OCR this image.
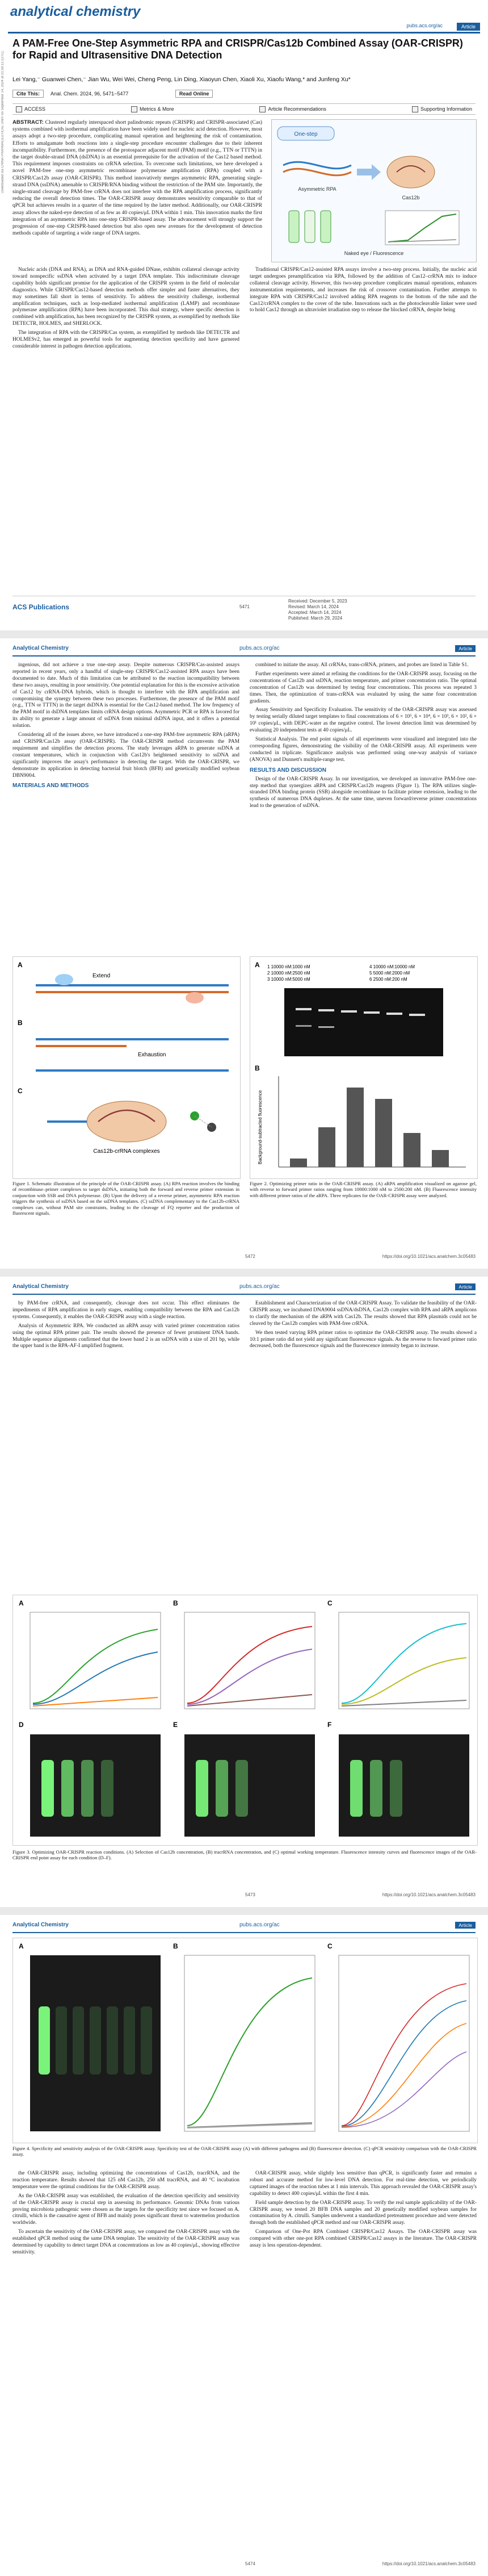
Downloaded via CHINA PHARMACEUTICAL UNIV on September 14, 2024 at 01:59:12 (UTC).
analytical chemistry
pubs.acs.org/ac	Article
A PAM-Free One-Step Asymmetric RPA and CRISPR/Cas12b Combined Assay (OAR-CRISPR) for Rapid and Ultrasensitive DNA Detection
Lei Yang,⁻ Guanwei Chen,⁻ Jian Wu, Wei Wei, Cheng Peng, Lin Ding, Xiaoyun Chen, Xiaoli Xu, Xiaofu Wang,* and Junfeng Xu*
Cite This: Anal. Chem. 2024, 96, 5471−5477	Read Online
ACCESS	Metrics & More	Article Recommendations	Supporting Information
ABSTRACT: Clustered regularly interspaced short palindromic repeats (CRISPR) and CRISPR-associated (Cas) systems combined with isothermal amplification have been widely used for nucleic acid detection. However, most assays adopt a two-step procedure, complicating manual operation and heightening the risk of contamination. Efforts to amalgamate both reactions into a single-step procedure encounter challenges due to their inherent incompatibility. Furthermore, the presence of the protospacer adjacent motif (PAM) motif (e.g., TTN or TTTN) in the target double-strand DNA (dsDNA) is an essential prerequisite for the activation of the Cas12 based method. This requirement imposes constraints on crRNA selection. To overcome such limitations, we here developed a novel PAM-free one-step asymmetric recombinase polymerase amplification (RPA) coupled with a CRISPR/Cas12b assay (OAR-CRISPR). This method innovatively merges asymmetric RPA, generating single-strand DNA (ssDNA) amenable to CRISPR/RNA binding without the restriction of the PAM site. Importantly, the single-strand cleavage by PAM-free crRNA does not interfere with the RPA amplification process, significantly reducing the overall detection times. The OAR-CRISPR assay demonstrates sensitivity comparable to that of qPCR but achieves results in a quarter of the time required by the latter method. Additionally, our OAR-CRISPR assay allows the naked-eye detection of as few as 40 copies/μL DNA within 1 min. This innovation marks the first integration of an asymmetric RPA into one-step CRISPR-based assay. The advancement will strongly support the progression of one-step CRISPR-based detection but also open new avenues for the development of detection methods capable of targeting a wide range of DNA targets.
One-step
Asymmetric RPA
Cas12b
Naked eye / Fluorescence

Nucleic acids (DNA and RNA), as DNA and RNA-guided DNase, exhibits collateral cleavage activity toward nonspecific ssDNA when activated by a target DNA template. This indiscriminate cleavage capability holds significant promise for the application of the CRISPR system in the field of molecular diagnostics. While CRISPR/Cas12-based detection methods offer simpler and faster alternatives, they may sometimes fall short in terms of sensitivity. To address the sensitivity challenge, isothermal amplification techniques, such as loop-mediated isothermal amplification (LAMP) and recombinase polymerase amplification (RPA) have been incorporated. This dual strategy, where specific detection is combined with amplification, has been recognized by the CRISPR system, as exemplified by methods like DETECTR, HOLMES, and SHERLOCK.

The integration of RPA with the CRISPR/Cas system, as exemplified by methods like DETECTR and HOLMESv2, has emerged as powerful tools for augmenting detection specificity and have garnered considerable interest in pathogen detection applications.

Traditional CRISPR/Cas12-assisted RPA assays involve a two-step process. Initially, the nucleic acid target undergoes preamplification via RPA, followed by the addition of Cas12–crRNA mix to induce collateral cleavage activity. However, this two-step procedure complicates manual operations, enhances instrumentation requirements, and increases the risk of crossover contamination. Further attempts to integrate RPA with CRISPR/Cas12 involved adding RPA reagents to the bottom of the tube and the Cas12/crRNA complex to the cover of the tube. Innovations such as the photocleavable linker were used to hold Cas12 through an ultraviolet irradiation step to release the blocked crRNA, despite being

ACS Publications	5471
Received: December 5, 2023
Revised: March 14, 2024
Accepted: March 14, 2024
Published: March 29, 2024
Analytical Chemistry	pubs.acs.org/ac	Article

ingenious, did not achieve a true one-step assay. Despite numerous CRISPR/Cas-assisted assays reported in recent years, only a handful of single-step CRISPR/Cas12-assisted RPA assays have been documented to date. Much of this limitation can be attributed to the reaction incompatibility between these two assays, resulting in poor sensitivity. One potential explanation for this is the excessive activation of Cas12 by crRNA-DNA hybrids, which is thought to interfere with the RPA amplification and compromising the synergy between these two processes. Furthermore, the presence of the PAM motif (e.g., TTN or TTTN) in the target dsDNA is essential for the Cas12-based method. The low frequency of the PAM motif in dsDNA templates limits crRNA design options. Asymmetric PCR or RPA is favored for its ability to generate a large amount of ssDNA from minimal dsDNA input, and it offers a potential solution.

Considering all of the issues above, we have introduced a one-step PAM-free asymmetric RPA (aRPA) and CRISPR/Cas12b assay (OAR-CRISPR). The OAR-CRISPR method circumvents the PAM requirement and simplifies the detection process. The study leverages aRPA to generate ssDNA at constant temperatures, which in conjunction with Cas12b's heightened sensitivity to ssDNA and significantly improves the assay's performance in detecting the target. With the OAR-CRISPR, we demonstrate its application in detecting bacterial fruit blotch (BFB) and genetically modified soybean DBN9004.

MATERIALS AND METHODS

combined to initiate the assay. All crRNAs, trans-crRNA, primers, and probes are listed in Table S1.

Further experiments were aimed at refining the conditions for the OAR-CRISPR assay, focusing on the concentrations of Cas12b and ssDNA, reaction temperature, and primer concentration ratio. The optimal concentration of Cas12b was determined by testing four concentrations. This process was repeated 3 times. Then, the optimization of trans-crRNA was evaluated by using the same four concentration gradients.

Assay Sensitivity and Specificity Evaluation. The sensitivity of the OAR-CRISPR assay was assessed by testing serially diluted target templates to final concentrations of 6 × 10⁵, 6 × 10⁴, 6 × 10³, 6 × 10², 6 × 10¹ copies/μL, with DEPC-water as the negative control. The lowest detection limit was determined by evaluating 20 independent tests at 40 copies/μL.

Statistical Analysis. The end point signals of all experiments were visualized and integrated into the corresponding figures, demonstrating the visibility of the OAR-CRISPR assay. All experiments were conducted in triplicate. Significance analysis was performed using one-way analysis of variance (ANOVA) and Dunnett's multiple-range test.

RESULTS AND DISCUSSION

Design of the OAR-CRISPR Assay. In our investigation, we developed an innovative PAM-free one-step method that synergizes aRPA and CRISPR/Cas12b reagents (Figure 1). The RPA utilizes single-stranded DNA binding protein (SSB) alongside recombinase to facilitate primer extension, leading to the synthesis of numerous DNA duplexes. At the same time, uneven forward/reverse primer concentrations lead to the generation of ssDNA.

A
Extend
B
Exhaustion
C
Cas12b-crRNA complexes
Figure 1. Schematic illustration of the principle of the OAR-CRISPR assay. (A) RPA reaction involves the binding of recombinase–primer complexes to target dsDNA, initiating both the forward and reverse primer extension in conjunction with SSB and DNA polymerase. (B) Upon the delivery of a reverse primer, asymmetric RPA reaction triggers the synthesis of ssDNA based on the ssDNA templates. (C) ssDNA complementary to the Cas12b-crRNA complexes can, without PAM site constraints, leading to the cleavage of FQ reporter and the production of fluorescent signals.
A 1 10000 nM:1000 nM
2 10000 nM:2500 nM
3 10000 nM:5000 nM
4 10000 nM:10000 nM
5 5000 nM:2000 nM
6 2500 nM:200 nM
B
Background-subtracted fluorescence
Figure 2. Optimizing primer ratio in the OAR-CRISPR assay. (A) aRPA amplification visualized on agarose gel, with reverse to forward primer ratios ranging from 10000:1000 nM to 2500:200 nM. (B) Fluorescence intensity with different primer ratios of the aRPA. Three replicates for the OAR-CRISPR assay were analyzed.
5472	https://doi.org/10.1021/acs.analchem.3c05483
Analytical Chemistry	pubs.acs.org/ac	Article

by PAM-free crRNA, and consequently, cleavage does not occur. This effect eliminates the impediments of RPA amplification in early stages, enabling compatibility between the RPA and Cas12b systems. Consequently, it enables the OAR-CRISPR assay with a single reaction.

Analysis of Asymmetric RPA. We conducted an aRPA assay with varied primer concentration ratios using the optimal RPA primer pair. The results showed the presence of fewer prominent DNA bands. Multiple sequence alignments confirmed that the lower band 2 is an ssDNA with a size of 201 bp, while the upper band is the RPA-AF-I amplified fragment.

Establishment and Characterization of the OAR-CRISPR Assay. To validate the feasibility of the OAR-CRISPR assay, we incubated DNA9004 ssDNA/dsDNA, Cas12b complex with RPA and aRPA amplicons to clarify the mechanism of the aRPA with Cas12b. The results showed that RPA plasmids could not be cleaved by the Cas12b complex with PAM-free crRNA.

We then tested varying RPA primer ratios to optimize the OAR-CRISPR assay. The results showed a 10:1 primer ratio did not yield any significant fluorescence signals. As the reverse to forward primer ratio decreased, both the fluorescence signals and the fluorescence intensity began to increase.

A	B	C
D	E	F
Figure 3. Optimizing OAR-CRISPR reaction conditions. (A) Selection of Cas12b concentration, (B) tracrRNA concentration, and (C) optimal working temperature. Fluorescence intensity curves and fluorescence images of the OAR-CRISPR end point assay for each condition (D–F).
5473	https://doi.org/10.1021/acs.analchem.3c05483
Analytical Chemistry	pubs.acs.org/ac	Article
A	B	C
Figure 4. Specificity and sensitivity analysis of the OAR-CRISPR assay. Specificity test of the OAR-CRISPR assay (A) with different pathogens and (B) fluorescence detection. (C) qPCR sensitivity comparison with the OAR-CRISPR assay.

the OAR-CRISPR assay, including optimizing the concentrations of Cas12b, tracrRNA, and the reaction temperature. Results showed that 125 nM Cas12b, 250 nM tracrRNA, and 40 °C incubation temperature were the optimal conditions for the OAR-CRISPR assay.

As the OAR-CRISPR assay was established, the evaluation of the detection specificity and sensitivity of the OAR-CRISPR assay is crucial step in assessing its performance. Genomic DNAs from various proving microbiota pathogenic were chosen as the targets for the specificity test since we focused on A. citrulli, which is the causative agent of BFB and mainly poses significant threat to watermelon production worldwide.

To ascertain the sensitivity of the OAR-CRISPR assay, we compared the OAR-CRISPR assay with the established qPCR method using the same DNA template. The sensitivity of the OAR-CRISPR assay was determined by capability to detect target DNA at concentrations as low as 40 copies/μL, showing effective sensitivity.

OAR-CRISPR assay, while slightly less sensitive than qPCR, is significantly faster and remains a robust and accurate method for low-level DNA detection. For real-time detection, we periodically captured images of the reaction tubes at 1 min intervals. This approach revealed the OAR-CRISPR assay's capability to detect 400 copies/μL within the first 4 min.

Field sample detection by the OAR-CRISPR assay. To verify the real sample applicability of the OAR-CRISPR assay, we tested 20 BFB DNA samples and 20 genetically modified soybean samples for contamination by A. citrulli. Samples underwent a standardized pretreatment procedure and were detected through both the established qPCR method and our OAR-CRISPR assay.

Comparison of One-Pot RPA Combined CRISPR/Cas12 Assays. The OAR-CRISPR assay was compared with other one-pot RPA combined CRISPR/Cas12 assays in the literature. The OAR-CRISPR assay is less operation-dependent.

5474	https://doi.org/10.1021/acs.analchem.3c05483
